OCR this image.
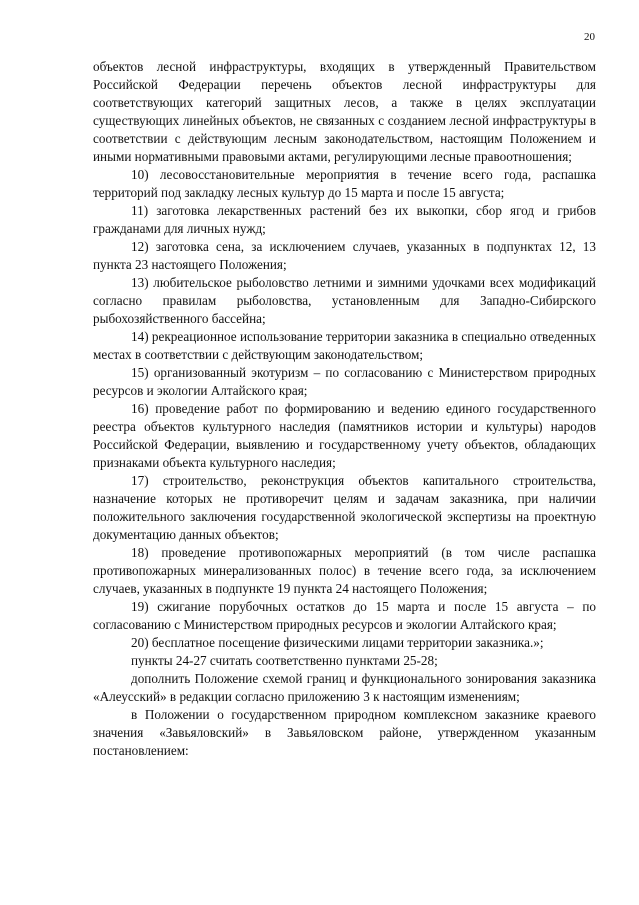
20

объектов лесной инфраструктуры, входящих в утвержденный Правительством Российской Федерации перечень объектов лесной инфраструктуры для соответствующих категорий защитных лесов, а также в целях эксплуатации существующих линейных объектов, не связанных с созданием лесной инфраструктуры в соответствии с действующим лесным законодательством, настоящим Положением и иными нормативными правовыми актами, регулирующими лесные правоотношения;

10) лесовосстановительные мероприятия в течение всего года, распашка территорий под закладку лесных культур до 15 марта и после 15 августа;

11) заготовка лекарственных растений без их выкопки, сбор ягод и грибов гражданами для личных нужд;

12) заготовка сена, за исключением случаев, указанных в подпунктах 12, 13 пункта 23 настоящего Положения;

13) любительское рыболовство летними и зимними удочками всех модификаций согласно правилам рыболовства, установленным для Западно-Сибирского рыбохозяйственного бассейна;

14) рекреационное использование территории заказника в специально отведенных местах в соответствии с действующим законодательством;

15) организованный экотуризм – по согласованию с Министерством природных ресурсов и экологии Алтайского края;

16) проведение работ по формированию и ведению единого государственного реестра объектов культурного наследия (памятников истории и культуры) народов Российской Федерации, выявлению и государственному учету объектов, обладающих признаками объекта культурного наследия;

17) строительство, реконструкция объектов капитального строительства, назначение которых не противоречит целям и задачам заказника, при наличии положительного заключения государственной экологической экспертизы на проектную документацию данных объектов;

18) проведение противопожарных мероприятий (в том числе распашка противопожарных минерализованных полос) в течение всего года, за исключением случаев, указанных в подпункте 19 пункта 24 настоящего Положения;

19) сжигание порубочных остатков до 15 марта и после 15 августа – по согласованию с Министерством природных ресурсов и экологии Алтайского края;

20) бесплатное посещение физическими лицами территории заказника.»;

пункты 24-27 считать соответственно пунктами 25-28;

дополнить Положение схемой границ и функционального зонирования заказника «Алеусский» в редакции согласно приложению 3 к настоящим изменениям;

в Положении о государственном природном комплексном заказнике краевого значения «Завьяловский» в Завьяловском районе, утвержденном указанным постановлением:
